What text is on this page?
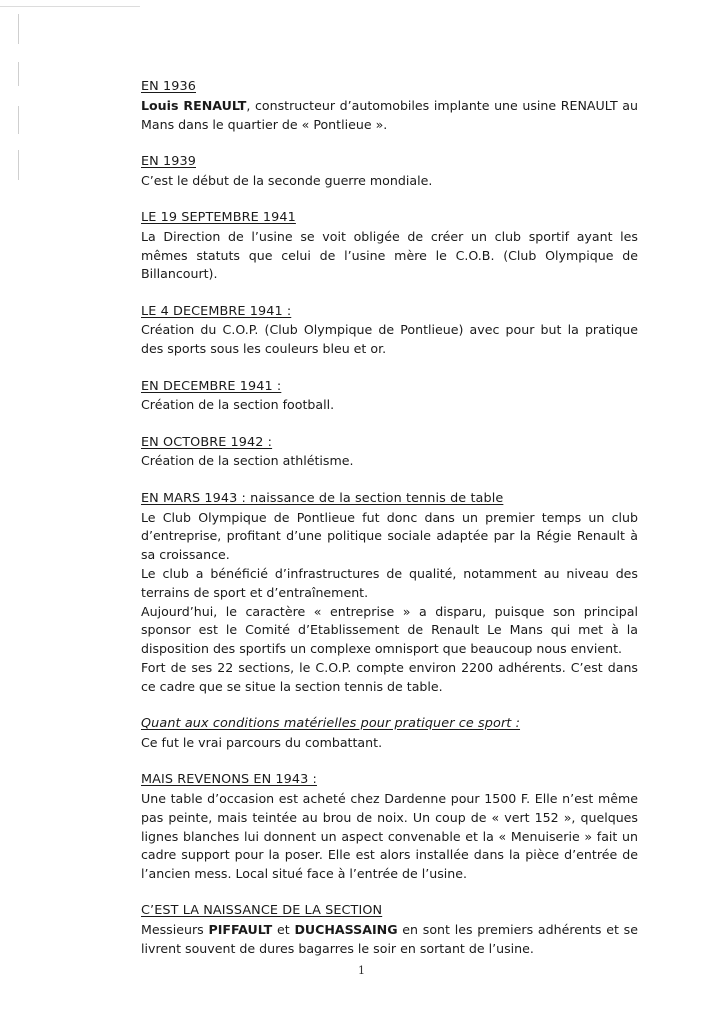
EN 1936

Louis RENAULT, constructeur d’automobiles implante une usine RENAULT au Mans dans le quartier de « Pontlieue ».

EN 1939

C’est le début de la seconde guerre mondiale.

LE 19 SEPTEMBRE 1941

La Direction de l’usine se voit obligée de créer un club sportif ayant les mêmes statuts que celui de l’usine mère le C.O.B. (Club Olympique de Billancourt).

LE 4 DECEMBRE 1941 :

Création du C.O.P. (Club Olympique de Pontlieue) avec pour but la pratique des sports sous les couleurs bleu et or.

EN DECEMBRE 1941 :

Création de la section football.

EN OCTOBRE 1942 :

Création de la section athlétisme.

EN MARS 1943 : naissance de la section tennis de table

Le Club Olympique de Pontlieue fut donc dans un premier temps un club d’entreprise, profitant d’une politique sociale adaptée par la Régie Renault à sa croissance.

Le club a bénéficié d’infrastructures de qualité, notamment au niveau des terrains de sport et d’entraînement.

Aujourd’hui, le caractère « entreprise » a disparu, puisque son principal sponsor est le Comité d’Etablissement de Renault Le Mans qui met à la disposition des sportifs un complexe omnisport que beaucoup nous envient.

Fort de ses 22 sections, le C.O.P. compte environ 2200 adhérents. C’est dans ce cadre que se situe la section tennis de table.

Quant aux conditions matérielles pour pratiquer ce sport :

Ce fut le vrai parcours du combattant.

MAIS REVENONS EN 1943 :

Une table d’occasion est acheté chez Dardenne pour 1500 F. Elle n’est même pas peinte, mais teintée au brou de noix. Un coup de « vert 152 », quelques lignes blanches lui donnent un aspect convenable et la « Menuiserie » fait un cadre support pour la poser. Elle est alors installée dans la pièce d’entrée de l’ancien mess. Local situé face à l’entrée de l’usine.

C’EST LA NAISSANCE DE LA SECTION

Messieurs PIFFAULT et DUCHASSAING en sont les premiers adhérents et se livrent souvent de dures bagarres le soir en sortant de l’usine.

1
